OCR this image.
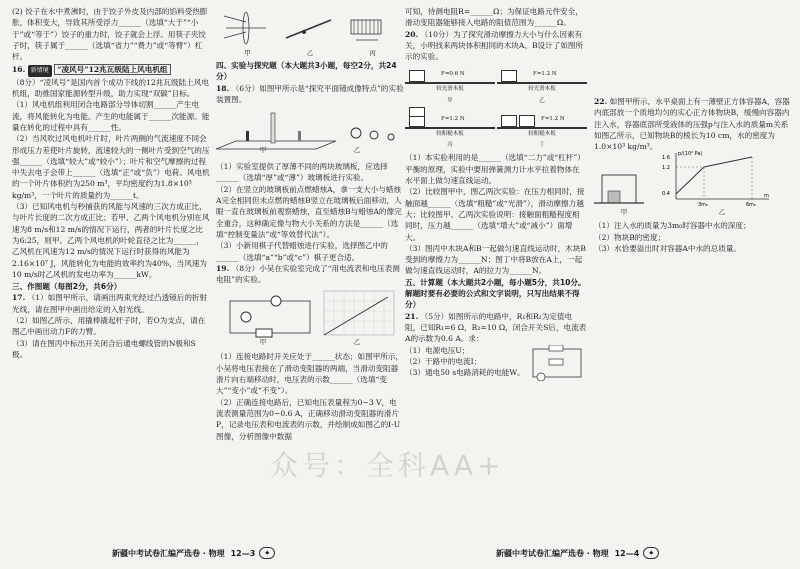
(2) 饺子在水中煮沸时，由于饺子外皮及内部的馅料受热膨胀，体积变大，导致其所受浮力______（选填“大于”“小于”或“等于”）饺子的重力时，饺子就会上浮。用筷子夹饺子时，筷子属于______（选填“省力”“费力”或“等臂”）杠杆。

16. 新情境 “凌风号”12兆瓦级陆上风电机组

（8分）“凌风号”是国内首个成功下线的12兆瓦级陆上风电机组，助推国家能源转型升级，助力实现“双碳”目标。

（1）风电机组利用闭合电路部分导体切割______产生电流，将风能转化为电能。产生的电能属于______次能源。能量在转化的过程中具有______性。

（2）当风吹过风电机叶片时，叶片两侧的气流速度不同会形成压力差使叶片旋转，流速较大的一侧叶片受到空气的压强______（选填“较大”或“较小”）；叶片和空气摩擦的过程中失去电子会带上______（选填“正”或“负”）电荷。风电机的一个叶片体积约为250 m³，平均密度约为1.8×10³ kg/m³，一个叶片的质量约为______t。

（3）已知风电机与秒捕获的风能与风速的三次方成正比，与叶片长度的二次方成正比；若甲、乙两个风电机分别在风速为8 m/s和12 m/s的情况下运行，两者的叶片长度之比为6:25，则甲、乙两个风电机的叶轮直径之比为______，乙风机在风速为12 m/s的情况下运行时获得的风能为2.16×10⁷ J，风能转化为电能的效率约为40%，当风速为10 m/s时乙风机的发电功率为______kW。

三、作图题（每图2分，共6分）

17. （1）如图甲所示，请画出两束光经过凸透镜后的折射光线，请在图甲中画出给定的入射光线。

（2）如图乙所示，用撬棒撬起杆子时，若O为支点，请在图乙中画出动力F的力臂。

（3）请在图丙中标出开关闭合后通电螺线管的N极和S极。

甲	乙	丙

四、实验与探究题（本大题共3小题，每空2分，共24分）

18. （6分）如图甲所示是“探究平面镜成像特点”的实验装置图。

甲	乙

（1）实验室提供了厚薄不同的两块玻璃板，应选择______（选填“厚”或“薄”）玻璃板进行实验。

（2）在竖立的玻璃板前点燃蜡烛A，拿一支大小与蜡烛A完全相同但未点燃的蜡烛B竖立在玻璃板后面移动，人眼一直在玻璃板前观察蜡烛，直至蜡烛B与蜡烛A的像完全重合，这种确定像与物大小关系的方法是______（选填“控制变量法”或“等效替代法”）。

（3）小新用棋子代替蜡烛进行实验，选择图乙中的______（选填“a”“b”或“c”）棋子更合适。

19. （8分）小吴在实验室完成了“用电流表和电压表测电阻”的实验。

甲	乙

（1）连接电路时开关应处于______状态；如图甲所示，小吴将电压表接在了滑动变阻器的两端，当滑动变阻器滑片向右端移动时，电压表的示数______（选填“变大”“变小”或“不变”）。

（2）正确连接电路后，已知电压表量程为0~3 V，电流表测量范围为0~0.6 A，正确移动滑动变阻器的滑片P，记录电压表和电流表的示数，并绘制成如图乙的I-U图像，分析图像中数据

可知，待测电阻R=______Ω；为保证电路元件安全，滑动变阻器能够接入电路的阻值范围为______Ω。

20. （10分）为了探究滑动摩擦力大小与什么因素有关，小明找来两块体积相同的木块A、B设计了如图所示的实验。

F=0.6 N
较光滑木板
甲
F=1.2 N
较光滑木板
乙
F=1.2 N
较粗糙木板
丙
F=1.2 N
较粗糙木板
丁

（1）本实验利用的是______（选填“二力”或“杠杆”）平衡的原理，实验中要用弹簧测力计水平拉着物体在水平面上做匀速直线运动。

（2）比较图甲中，图乙两次实验：在压力相同时，接触面越______（选填“粗糙”或“光滑”），滑动摩擦力越大；比较图甲、乙两次实验说明：接触面粗糙程度相同时，压力越______（选填“增大”或“减小”）面增大。

（3）图丙中木块A和B一起做匀速直线运动时，木块B受到的摩擦力为______N；图丁中将B放在A上，一起做匀速直线运动时，A的拉力为______N。

五、计算题（本大题共2小题，每小题5分，共10分。解题时要有必要的公式和文字说明，只写出结果不得分）

21. （5分）如图所示的电路中，R₁和R₂为定值电阻，已知R₁=6 Ω，R₂=10 Ω，闭合开关S后，电流表A的示数为0.6 A。求：

（1）电源电压U；

（2）干路中的电流I；

（3）通电50 s电路消耗的电能W。

22. 如图甲所示，水平桌面上有一薄壁正方体容器A，容器内底部放一个质地均匀的实心正方体物块B，缓慢向容器内注入水，容器底部所受液体的压强p与注入水的质量m关系如图乙所示，已知物块B的棱长为10 cm，水的密度为1.0×10³ kg/m³。

甲
p/(10² Pa)
1.6
1.2
0.4
3m₀	6m₀
m
乙

（1）注入水的质量为3m₀时容器中水的深度；

（2）物块B的密度；

（3）水恰要溢出时对容器A中水的总质量。

众号：全科AA+
新疆中考试卷汇编严选卷 · 物理 12—3	◆	新疆中考试卷汇编严选卷 · 物理 12—4	◆
